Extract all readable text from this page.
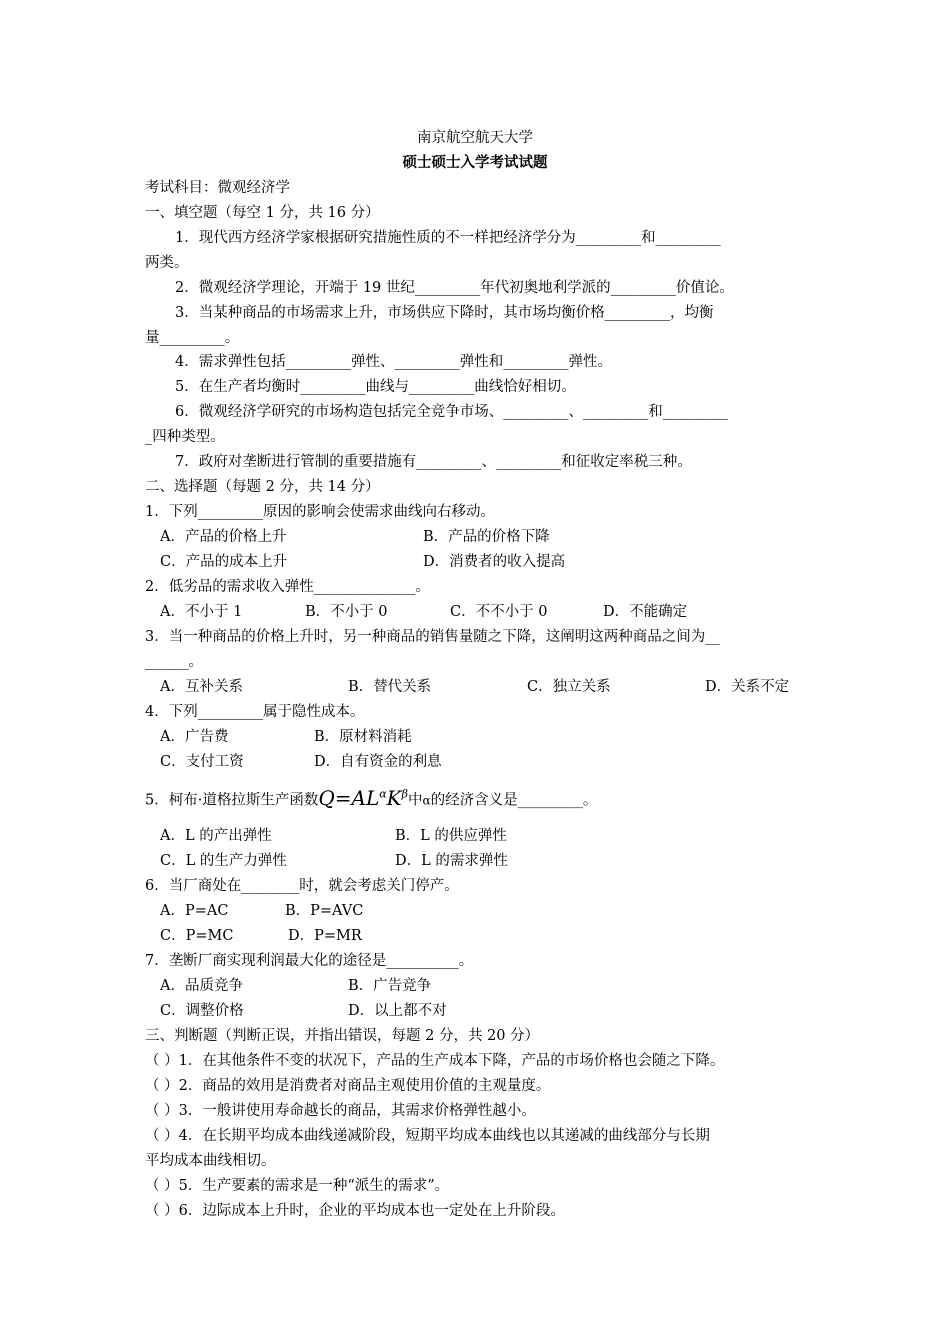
南京航空航天大学
硕士硕士入学考试试题
考试科目：微观经济学
一、填空题（每空 1 分，共 16 分）
1．现代西方经济学家根据研究措施性质的不一样把经济学分为_________和_________
两类。
2．微观经济学理论，开端于 19 世纪_________年代初奥地利学派的_________价值论。
3．当某种商品的市场需求上升，市场供应下降时，其市场均衡价格_________，均衡
量_________。
4．需求弹性包括_________弹性、_________弹性和_________弹性。
5．在生产者均衡时_________曲线与_________曲线恰好相切。
6．微观经济学研究的市场构造包括完全竞争市场、_________、_________和_________
_四种类型。
7．政府对垄断进行管制的重要措施有_________、_________和征收定率税三种。
二、选择题（每题 2 分，共 14 分）
1．下列_________原因的影响会使需求曲线向右移动。
A．产品的价格上升	B．产品的价格下降
C．产品的成本上升	D．消费者的收入提高
2．低劣品的需求收入弹性______________。
A．不小于 1	B．不小于 0	C．不不小于 0	D．不能确定
3．当一种商品的价格上升时，另一种商品的销售量随之下降，这阐明这两种商品之间为__
______。
A．互补关系	B．替代关系	C．独立关系	D．关系不定
4．下列_________属于隐性成本。
A．广告费	B．原材料消耗
C．支付工资	D．自有资金的利息
5．柯布·道格拉斯生产函数$Q=AL^\alpha K^\beta$中α的经济含义是_________。
A．L 的产出弹性	B．L 的供应弹性
C．L 的生产力弹性	D．L 的需求弹性
6．当厂商处在________时，就会考虑关门停产。
A．P=AC	B．P=AVC
C．P=MC	D．P=MR
7．垄断厂商实现利润最大化的途径是__________。
A．品质竞争	B．广告竞争
C．调整价格	D．以上都不对
三、判断题（判断正误，并指出错误，每题 2 分，共 20 分）
（ ）1．在其他条件不变的状况下，产品的生产成本下降，产品的市场价格也会随之下降。
（ ）2．商品的效用是消费者对商品主观使用价值的主观量度。
（ ）3．一般讲使用寿命越长的商品，其需求价格弹性越小。
（ ）4．在长期平均成本曲线递减阶段，短期平均成本曲线也以其递减的曲线部分与长期
平均成本曲线相切。
（ ）5．生产要素的需求是一种“派生的需求”。
（ ）6．边际成本上升时，企业的平均成本也一定处在上升阶段。
